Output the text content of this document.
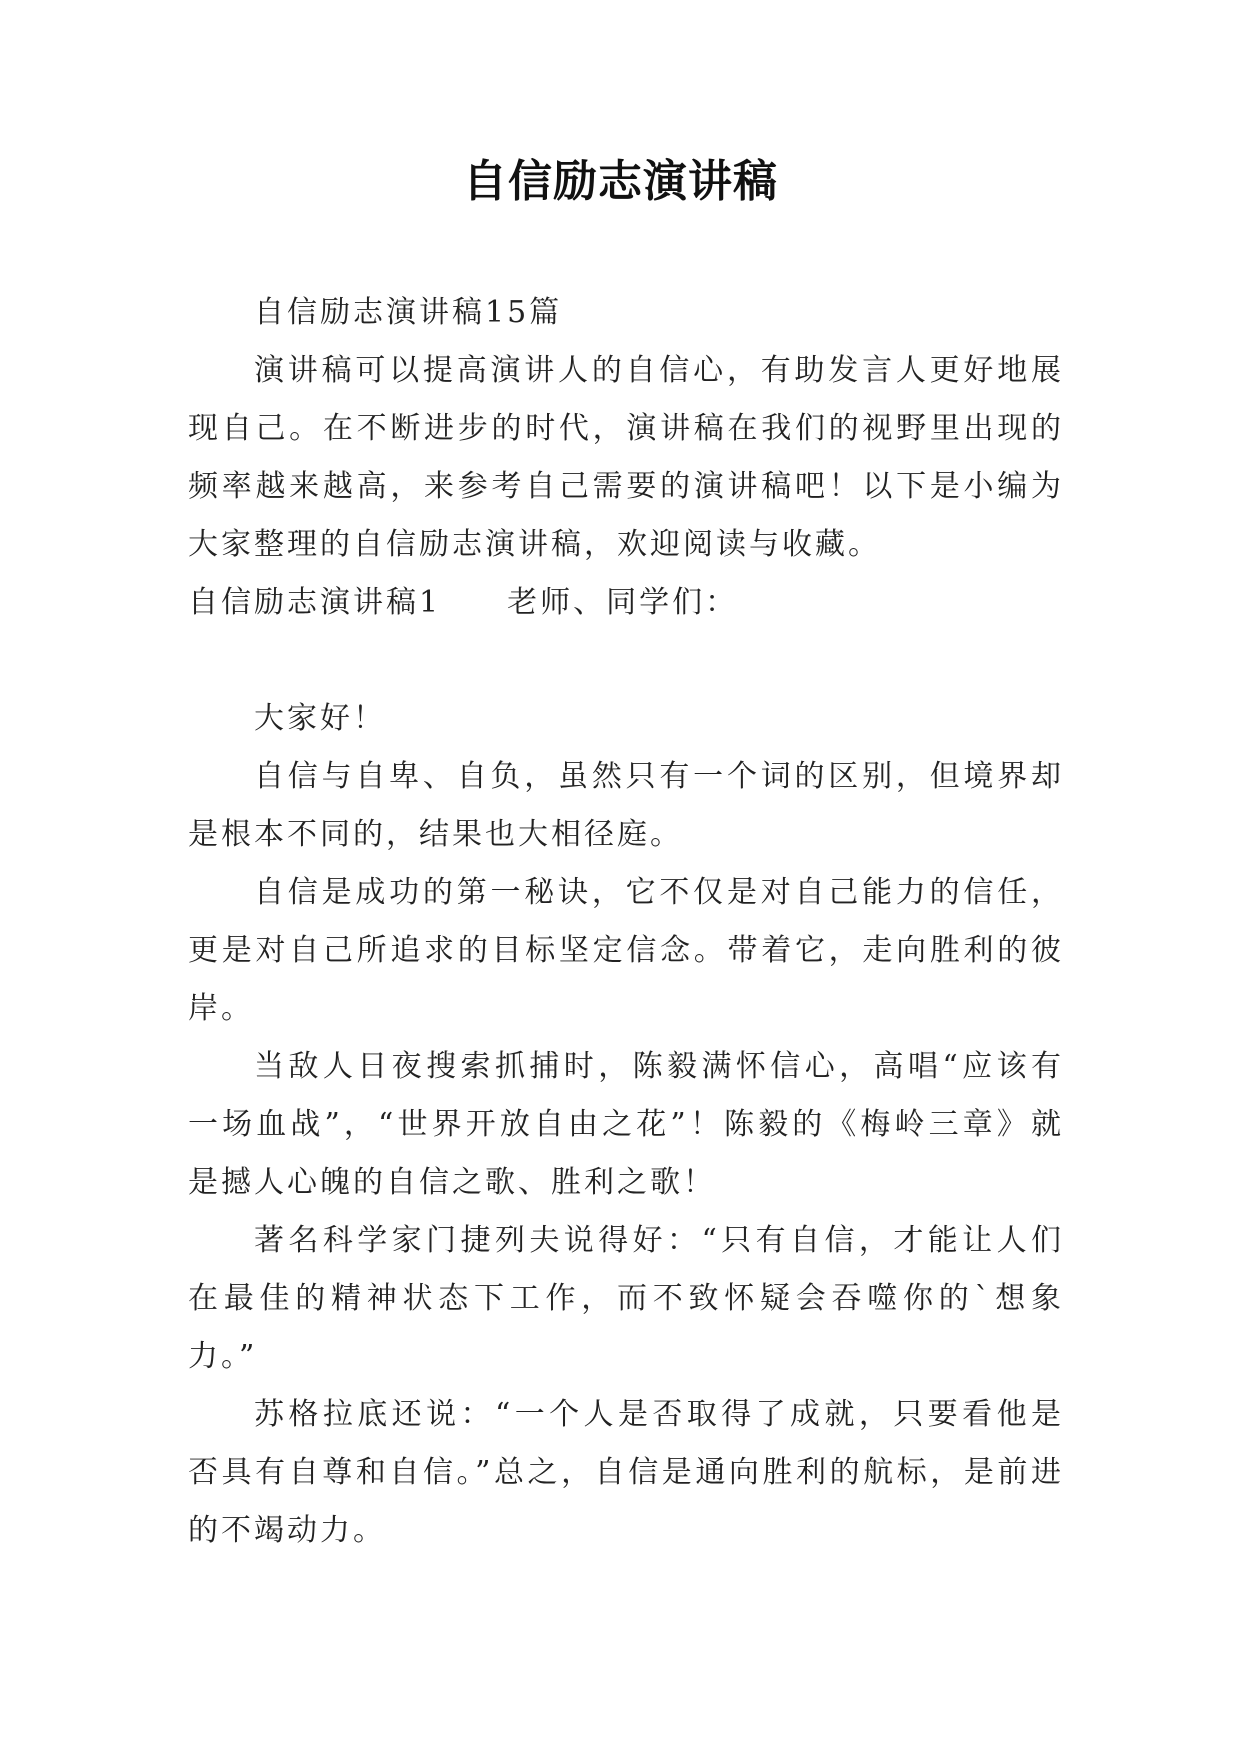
自信励志演讲稿

自信励志演讲稿15篇

演讲稿可以提高演讲人的自信心，有助发言人更好地展现自己。在不断进步的时代，演讲稿在我们的视野里出现的频率越来越高，来参考自己需要的演讲稿吧！以下是小编为大家整理的自信励志演讲稿，欢迎阅读与收藏。

自信励志演讲稿1　　老师、同学们：

大家好！

自信与自卑、自负，虽然只有一个词的区别，但境界却是根本不同的，结果也大相径庭。

自信是成功的第一秘诀，它不仅是对自己能力的信任，更是对自己所追求的目标坚定信念。带着它，走向胜利的彼岸。

当敌人日夜搜索抓捕时，陈毅满怀信心，高唱“应该有一场血战”，“世界开放自由之花”！陈毅的《梅岭三章》就是撼人心魄的自信之歌、胜利之歌！

著名科学家门捷列夫说得好：“只有自信，才能让人们在最佳的精神状态下工作，而不致怀疑会吞噬你的`想象力。”

苏格拉底还说：“一个人是否取得了成就，只要看他是否具有自尊和自信。”总之，自信是通向胜利的航标，是前进的不竭动力。
